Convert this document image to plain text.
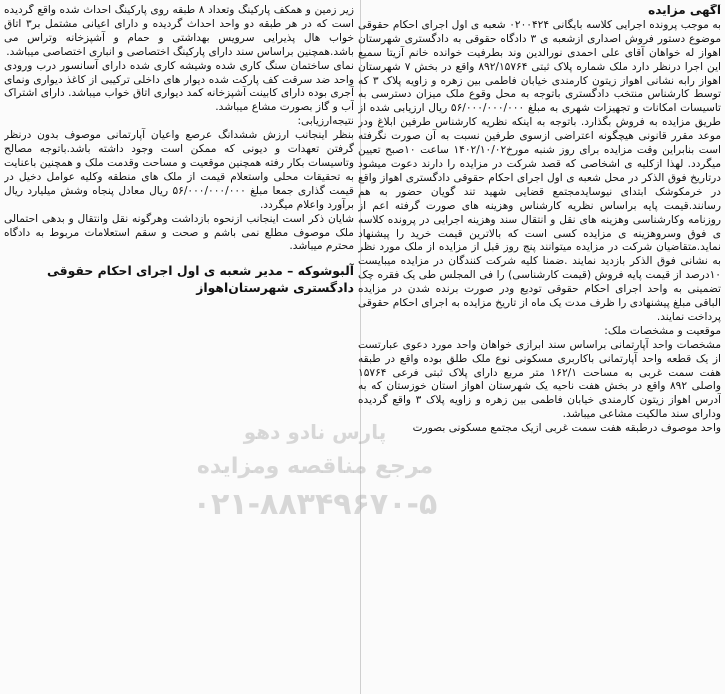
آگهی مزایده
به موجب پرونده اجرایی کلاسه بایگانی ۰۲۰۰۴۲۴ شعبه ی اول اجرای احکام حقوقی موضوع دستور فروش اصداری ازشعبه ی ۳ دادگاه حقوقی به دادگستری شهرستان اهواز له خواهان آقای علی احمدی نورالدین وند بطرفیت خوانده خانم آزیتا سمیع این اجرا درنظر دارد ملک شماره پلاک ثبتی ۸۹۲/۱۵۷۶۴ واقع در بخش ۷ شهرستان اهواز رابه نشانی اهواز زیتون کارمندی خیابان فاطمی بین زهره و زاویه پلاک ۳ که توسط کارشناس منتخب دادگستری باتوجه به محل وقوع ملک میزان دسترسی به تاسیسات امکانات و تجهیزات شهری به مبلغ ۵۶/۰۰۰/۰۰۰/۰۰۰ ریال ارزیابی شده از طریق مزایده به فروش بگذارد. باتوجه به اینکه نظریه کارشناس طرفین ابلاغ ودر موعد مقرر قانونی هیچگونه اعتراضی ازسوی طرفین نسبت به آن صورت نگرفته است بنابراین وقت مزایده برای روز شنبه مورخ۱۴۰۲/۱۰/۰۲ ساعت ۱۰صبح تعیین میگردد. لهذا ازکلیه ی اشخاصی که قصد شرکت در مزایده را دارند دعوت میشود درتاریخ فوق الذکر در محل شعبه ی اول اجرای احکام حقوقی دادگستری اهواز واقع در خرمکوشک ابتدای نیوسایدمجتمع قضایی شهید تند گویان حضور به هم رسانند.قیمت پایه براساس نظریه کارشناس وهزینه های صورت گرفته اعم از روزنامه وکارشناسی وهزینه های نقل و انتقال سند وهزینه اجرایی در پرونده کلاسه ی فوق وسروهزینه ی مزایده کسی است که بالاترین قیمت خرید را پیشنهاد نماید.متقاضیان شرکت در مزایده میتوانند پنج روز قبل از مزایده از ملک مورد نظر به نشانی فوق الذکر بازدید نمایند .ضمنا کلیه شرکت کنندگان در مزایده میبایست ۱۰درصد از قیمت پایه فروش (قیمت کارشناسی) را فی المجلس طی یک فقره چک تضمینی به واحد اجرای احکام حقوقی تودیع ودر صورت برنده شدن در مزایده الباقی مبلغ پیشنهادی را ظرف مدت یک ماه از تاریخ مزایده به اجرای احکام حقوقی پرداخت نمایند.
موقعیت و مشخصات ملک:
مشخصات واحد آپارتمانی براساس سند ابرازی خواهان واحد مورد دعوی عبارتست از یک قطعه واحد آپارتمانی باکاربری مسکونی نوع ملک طلق بوده واقع در طبقه هفت سمت غربی به مساحت ۱۶۲/۱ متر مربع دارای پلاک ثبتی فرعی ۱۵۷۶۴ واصلی ۸۹۲ واقع در بخش هفت ناحیه یک شهرستان اهواز استان خوزستان که به آدرس اهواز زیتون کارمندی خیابان فاطمی بین زهره و زاویه پلاک ۳ واقع گردیده ودارای سند مالکیت مشاعی میباشد.
واحد موصوف درطبقه هفت سمت غربی ازیک مجتمع مسکونی بصورت
زیر زمین و همکف پارکینگ وتعداد ۸ طبقه روی پارکینگ احداث شده واقع گردیده است که در هر طبقه دو واحد احداث گردیده و دارای اعیانی مشتمل بر۳ اتاق خواب هال پذیرایی سرویس بهداشتی و حمام و آشپزخانه وتراس می باشد.همچنین براساس سند دارای پارکینگ اختصاصی و انباری اختصاصی میباشد.
نمای ساختمان سنگ کاری شده وشیشه کاری شده دارای آسانسور درب ورودی واحد ضد سرقت کف پارکت شده دیوار های داخلی ترکیبی از کاغذ دیواری ونمای آجری بوده دارای کابینت آشپزخانه کمد دیواری اتاق خواب میباشد. دارای اشتراک آب و گاز بصورت مشاع میباشد.
نتیجه‌ارزیابی:
بنظر اینجانب ارزش ششدانگ عرصع واعیان آپارتمانی موصوف بدون درنظر گرفتن تعهدات و دیونی که ممکن است وجود داشته باشد.باتوجه مصالح وتاسیسات بکار رفته همچنین موقعیت و مساحت وقدمت ملک و همچنین باعنایت به تحقیقات محلی واستعلام قیمت از ملک های منطقه وکلیه عوامل دخیل در قیمت گذاری جمعا مبلغ ۵۶/۰۰۰/۰۰۰/۰۰۰ ریال معادل پنجاه وشش میلیارد ریال برآورد واعلام میگردد.
شایان ذکر است اینجانب ازنحوه بازداشت وهرگونه نقل وانتقال و بدهی احتمالی ملک موصوف مطلع نمی باشم و صحت و سقم استعلامات مربوط به دادگاه محترم میباشد.
آلبوشوکه – مدیر شعبه ی اول اجرای احکام حقوقی دادگستری شهرستان‌اهواز
پارس نادو دهو
مرجع مناقصه ومزایده
۰۲۱-۸۸۳۴۹۶۷۰-۵
